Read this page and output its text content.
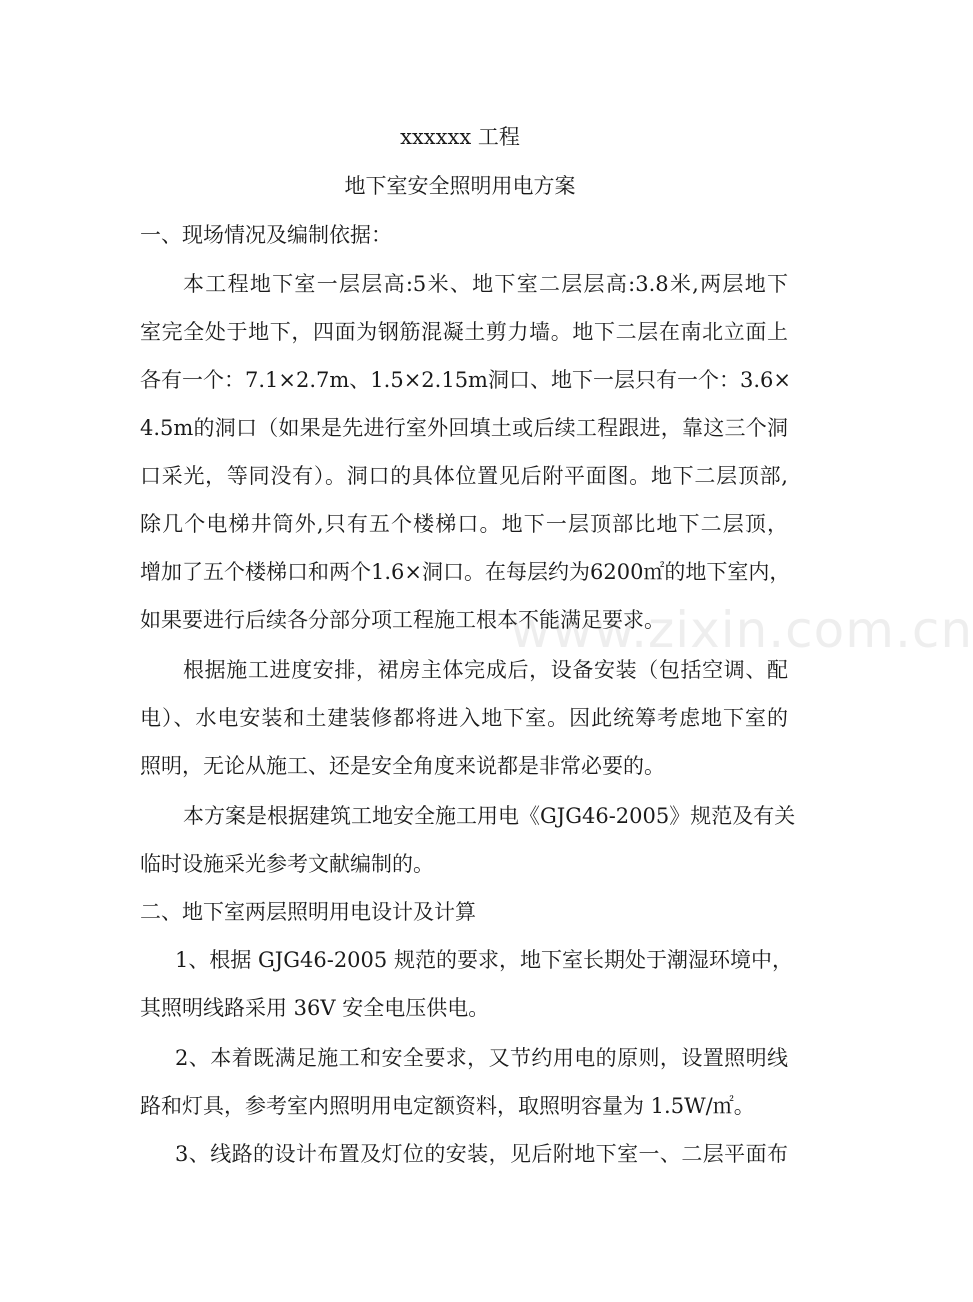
xxxxxx 工程
地下室安全照明用电方案
一、现场情况及编制依据：
本工程地下室一层层高:5米、地下室二层层高:3.8米,两层地下
室完全处于地下，四面为钢筋混凝土剪力墙。地下二层在南北立面上
各有一个：7.1×2.7m、1.5×2.15m洞口、地下一层只有一个：3.6×
4.5m的洞口（如果是先进行室外回填土或后续工程跟进，靠这三个洞
口采光，等同没有）。洞口的具体位置见后附平面图。地下二层顶部,
除几个电梯井筒外,只有五个楼梯口。地下一层顶部比地下二层顶，
增加了五个楼梯口和两个1.6×洞口。在每层约为6200㎡的地下室内，
如果要进行后续各分部分项工程施工根本不能满足要求。
根据施工进度安排，裙房主体完成后，设备安装（包括空调、配
电）、水电安装和土建装修都将进入地下室。因此统筹考虑地下室的
照明，无论从施工、还是安全角度来说都是非常必要的。
本方案是根据建筑工地安全施工用电《GJG46-2005》规范及有关
临时设施采光参考文献编制的。
二、地下室两层照明用电设计及计算
1、根据 GJG46-2005 规范的要求，地下室长期处于潮湿环境中，
其照明线路采用 36V 安全电压供电。
2、本着既满足施工和安全要求，又节约用电的原则，设置照明线
路和灯具，参考室内照明用电定额资料，取照明容量为 1.5W/㎡。
3、线路的设计布置及灯位的安装，见后附地下室一、二层平面布
www.zixin.com.cn
